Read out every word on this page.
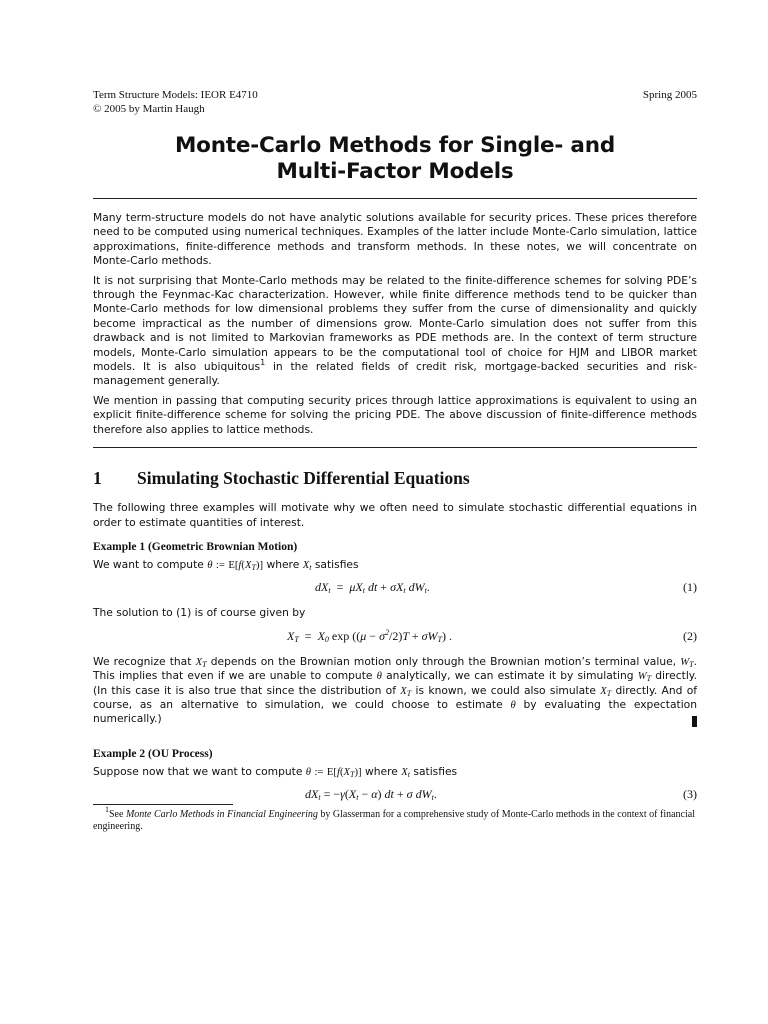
Term Structure Models: IEOR E4710
© 2005 by Martin Haugh
Spring 2005
Monte-Carlo Methods for Single- and
Multi-Factor Models

Many term-structure models do not have analytic solutions available for security prices. These prices therefore need to be computed using numerical techniques. Examples of the latter include Monte-Carlo simulation, lattice approximations, finite-difference methods and transform methods. In these notes, we will concentrate on Monte-Carlo methods.

It is not surprising that Monte-Carlo methods may be related to the finite-difference schemes for solving PDE’s through the Feynmac-Kac characterization. However, while finite difference methods tend to be quicker than Monte-Carlo methods for low dimensional problems they suffer from the curse of dimensionality and quickly become impractical as the number of dimensions grow. Monte-Carlo simulation does not suffer from this drawback and is not limited to Markovian frameworks as PDE methods are. In the context of term structure models, Monte-Carlo simulation appears to be the computational tool of choice for HJM and LIBOR market models. It is also ubiquitous$^1$ in the related fields of credit risk, mortgage-backed securities and risk-management generally.

We mention in passing that computing security prices through lattice approximations is equivalent to using an explicit finite-difference scheme for solving the pricing PDE. The above discussion of finite-difference methods therefore also applies to lattice methods.

1 Simulating Stochastic Differential Equations

The following three examples will motivate why we often need to simulate stochastic differential equations in order to estimate quantities of interest.

Example 1 (Geometric Brownian Motion)

We want to compute θ := $E[f(X_T)]$ where $X_t$ satisfies

$dX_t = \mu X_t$ dt + $\sigma X_t$ $dW_t$.	(1)

The solution to (1) is of course given by

$X_T = X_0$ $\exp ((\mu - \sigma^2/2)T + \sigma W_T)$ .	(2)

We recognize that $X_T$ depends on the Brownian motion only through the Brownian motion’s terminal value, $W_T$. This implies that even if we are unable to compute θ analytically, we can estimate it by simulating $W_T$ directly. (In this case it is also true that since the distribution of $X_T$ is known, we could also simulate $X_T$ directly. And of course, as an alternative to simulation, we could choose to estimate θ by evaluating the expectation numerically.)

Example 2 (OU Process)

Suppose now that we want to compute θ := $E[f(X_T)]$ where $X_t$ satisfies

$dX_t = -\gamma(X_t - \alpha)$ dt + σ $dW_t$.	(3)

$^1$See Monte Carlo Methods in Financial Engineering by Glasserman for a comprehensive study of Monte-Carlo methods in the context of financial engineering.
